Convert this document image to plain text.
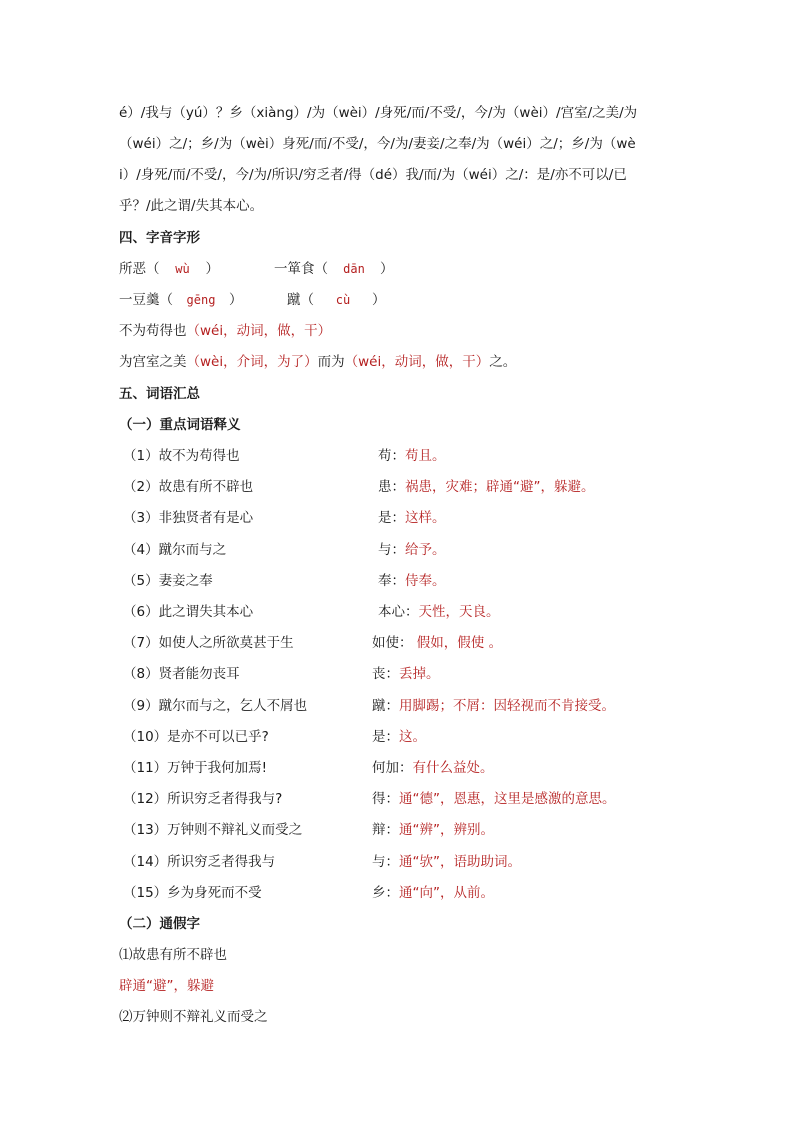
é）/我与（yú）？乡（xiàng）/为（wèi）/身死/而/不受/，今/为（wèi）/宫室/之美/为
（wéi）之/；乡/为（wèi）身死/而/不受/，今/为/妻妾/之奉/为（wéi）之/；乡/为（wè
i）/身死/而/不受/，今/为/所识/穷乏者/得（dé）我/而/为（wéi）之/：是/亦不可以/已
乎？/此之谓/失其本心。
四、字音字形
所恶（ wù ）	一箪食（ dān ）
一豆羹（ gēng ）	蹴（ cù ）
不为苟得也（wéi，动词，做，干）
为宫室之美（wèi，介词，为了）而为（wéi，动词，做，干）之。
五、词语汇总
（一）重点词语释义
（1）故不为苟得也	苟：苟且。
（2）故患有所不辟也	患：祸患，灾难；辟通“避”，躲避。
（3）非独贤者有是心	是：这样。
（4）蹴尔而与之	与：给予。
（5）妻妾之奉	奉：侍奉。
（6）此之谓失其本心	本心：天性，天良。
（7）如使人之所欲莫甚于生	如使： 假如，假使 。
（8）贤者能勿丧耳	丧：丢掉。
（9）蹴尔而与之，乞人不屑也	蹴：用脚踢；不屑：因轻视而不肯接受。
（10）是亦不可以已乎?	是：这。
（11）万钟于我何加焉!	何加：有什么益处。
（12）所识穷乏者得我与?	得：通“德”，恩惠，这里是感激的意思。
（13）万钟则不辩礼义而受之	辩：通“辨”，辨别。
（14）所识穷乏者得我与	与：通“欤”，语助助词。
（15）乡为身死而不受	乡：通“向”，从前。
（二）通假字
⑴故患有所不辟也
辟通“避”，躲避
⑵万钟则不辩礼义而受之
